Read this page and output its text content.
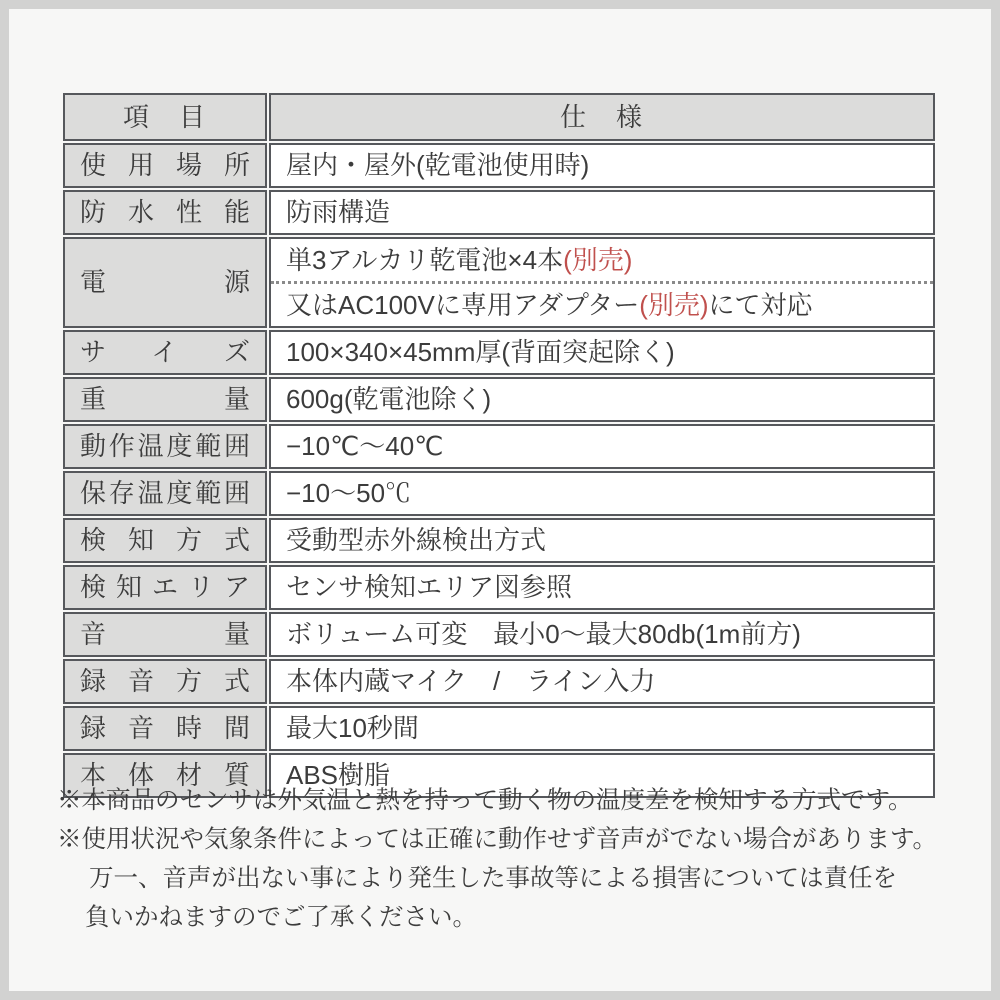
項　目	仕　様
使用場所	屋内・屋外(乾電池使用時)
防水性能	防雨構造
電源	単3アルカリ乾電池×4本(別売)
又はAC100Vに専用アダプター(別売)にて対応

サイズ	100×340×45mm厚(背面突起除く)
重量	600g(乾電池除く)
動作温度範囲	−10℃～40℃
保存温度範囲	−10～50℃
検知方式	受動型赤外線検出方式
検知エリア	センサ検知エリア図参照
音量	ボリューム可変　最小0～最大80db(1m前方)
録音方式	本体内蔵マイク　/　ライン入力
録音時間	最大10秒間
本体材質	ABS樹脂
※本商品のセンサは外気温と熱を持って動く物の温度差を検知する方式です。
※使用状況や気象条件によっては正確に動作せず音声がでない場合があります。
万一、音声が出ない事により発生した事故等による損害については責任を
負いかねますのでご了承ください。
